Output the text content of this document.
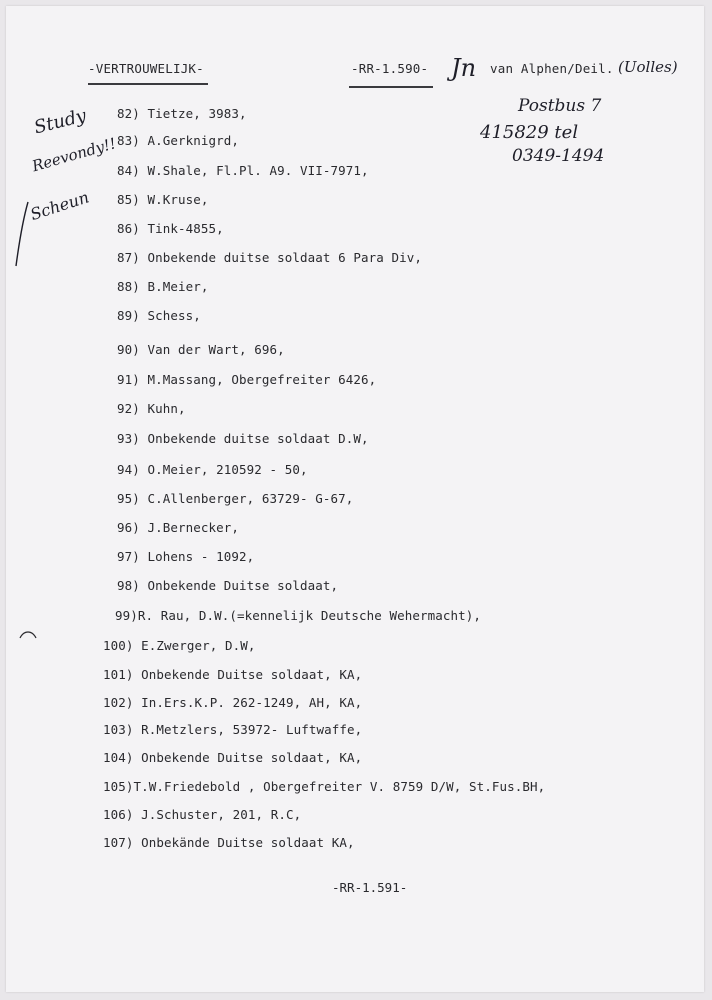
-VERTROUWELIJK-	-RR-1.590-	van Alphen/Deil.
Jn	(Uolles)
Postbus 7
415829 tel
0349-1494
Study
Reevondy!!
Scheun
-RR-1.591-
82) Tietze, 3983,
83) A.Gerknigrd,
84) W.Shale, Fl.Pl. A9. VII-7971,
85) W.Kruse,
86) Tink-4855,
87) Onbekende duitse soldaat 6 Para Div,
88) B.Meier,
89) Schess,
90) Van der Wart, 696,
91) M.Massang, Obergefreiter 6426,
92) Kuhn,
93) Onbekende duitse soldaat D.W,
94) O.Meier, 210592 - 50,
95) C.Allenberger, 63729- G-67,
96) J.Bernecker,
97) Lohens - 1092,
98) Onbekende Duitse soldaat,
99)R. Rau, D.W.(=kennelijk Deutsche Wehermacht),
100) E.Zwerger, D.W,
101) Onbekende Duitse soldaat, KA,
102) In.Ers.K.P. 262-1249, AH, KA,
103) R.Metzlers, 53972- Luftwaffe,
104) Onbekende Duitse soldaat, KA,
105)T.W.Friedebold , Obergefreiter V. 8759 D/W, St.Fus.BH,
106) J.Schuster, 201, R.C,
107) Onbekände Duitse soldaat KA,
